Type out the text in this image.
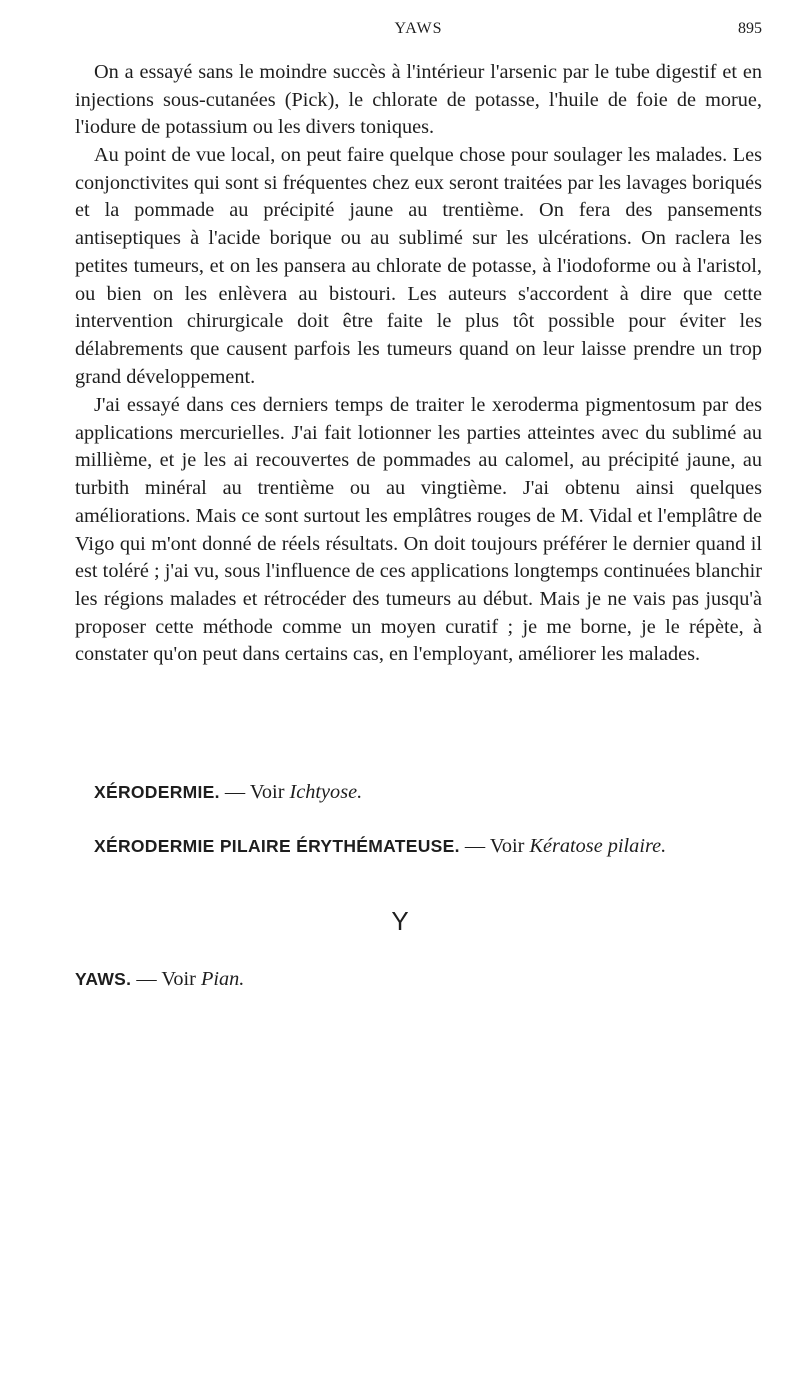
YAWS	895

On a essayé sans le moindre succès à l'intérieur l'arsenic par le tube digestif et en injections sous-cutanées (Pick), le chlorate de potasse, l'huile de foie de morue, l'iodure de potassium ou les divers toniques.

Au point de vue local, on peut faire quelque chose pour soulager les malades. Les conjonctivites qui sont si fréquentes chez eux seront traitées par les lavages boriqués et la pommade au précipité jaune au trentième. On fera des pansements antiseptiques à l'acide borique ou au sublimé sur les ulcérations. On raclera les petites tumeurs, et on les pansera au chlorate de potasse, à l'iodoforme ou à l'aristol, ou bien on les enlèvera au bistouri. Les auteurs s'accordent à dire que cette intervention chirurgicale doit être faite le plus tôt possible pour éviter les délabrements que causent parfois les tumeurs quand on leur laisse prendre un trop grand développement.

J'ai essayé dans ces derniers temps de traiter le xeroderma pigmentosum par des applications mercurielles. J'ai fait lotionner les parties atteintes avec du sublimé au millième, et je les ai recouvertes de pommades au calomel, au précipité jaune, au turbith minéral au trentième ou au vingtième. J'ai obtenu ainsi quelques améliorations. Mais ce sont surtout les emplâtres rouges de M. Vidal et l'emplâtre de Vigo qui m'ont donné de réels résultats. On doit toujours préférer le dernier quand il est toléré ; j'ai vu, sous l'influence de ces applications longtemps continuées blanchir les régions malades et rétrocéder des tumeurs au début. Mais je ne vais pas jusqu'à proposer cette méthode comme un moyen curatif ; je me borne, je le répète, à constater qu'on peut dans certains cas, en l'employant, améliorer les malades.

XÉRODERMIE. — Voir Ichtyose.

XÉRODERMIE PILAIRE ÉRYTHÉMATEUSE. — Voir Kératose pilaire.

Y

YAWS. — Voir Pian.
